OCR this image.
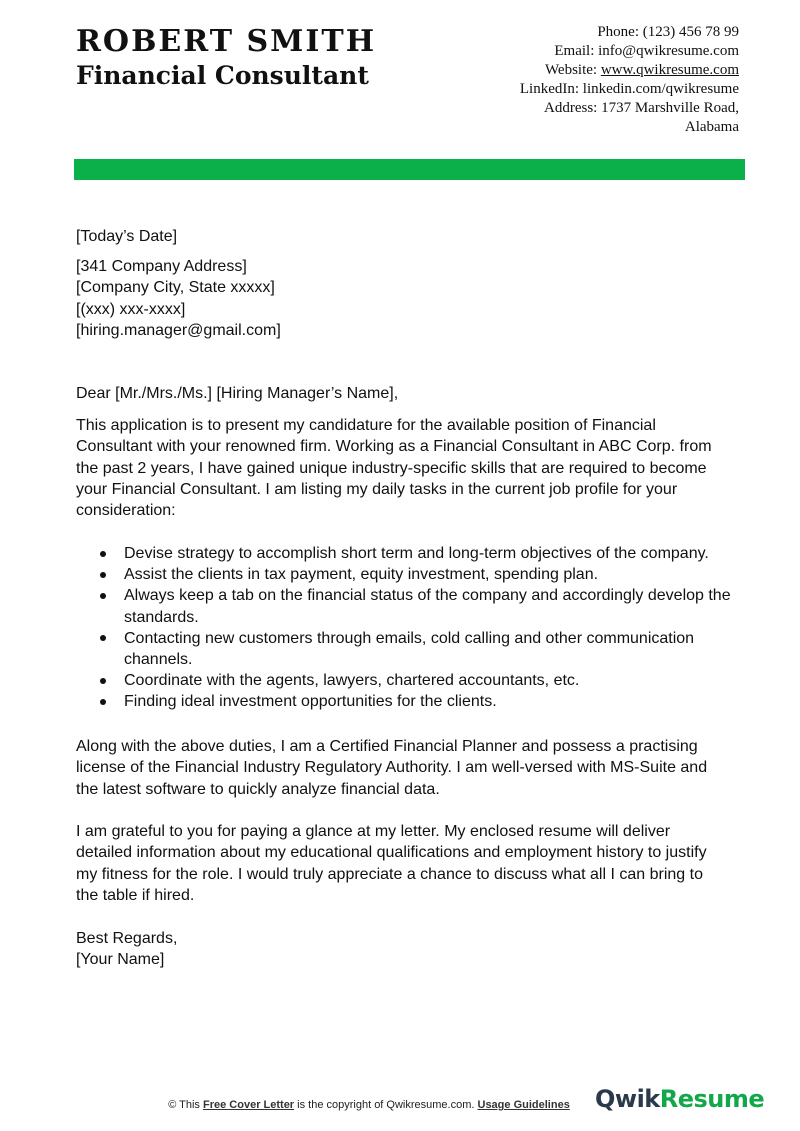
ROBERT SMITH
Financial Consultant
Phone: (123) 456 78 99
Email: info@qwikresume.com
Website: www.qwikresume.com
LinkedIn: linkedin.com/qwikresume
Address: 1737 Marshville Road,
Alabama

[Today’s Date]

[341 Company Address]

[Company City, State xxxxx]

[(xxx) xxx-xxxx]

[hiring.manager@gmail.com]

Dear [Mr./Mrs./Ms.] [Hiring Manager’s Name],

This application is to present my candidature for the available position of Financial Consultant with your renowned firm. Working as a Financial Consultant in ABC Corp. from the past 2 years, I have gained unique industry-specific skills that are required to become your Financial Consultant. I am listing my daily tasks in the current job profile for your consideration:

Devise strategy to accomplish short term and long-term objectives of the company.
Assist the clients in tax payment, equity investment, spending plan.
Always keep a tab on the financial status of the company and accordingly develop the standards.
Contacting new customers through emails, cold calling and other communication channels.
Coordinate with the agents, lawyers, chartered accountants, etc.
Finding ideal investment opportunities for the clients.

Along with the above duties, I am a Certified Financial Planner and possess a practising license of the Financial Industry Regulatory Authority. I am well-versed with MS-Suite and the latest software to quickly analyze financial data.

I am grateful to you for paying a glance at my letter. My enclosed resume will deliver detailed information about my educational qualifications and employment history to justify my fitness for the role. I would truly appreciate a chance to discuss what all I can bring to the table if hired.

Best Regards,

[Your Name]

© This Free Cover Letter is the copyright of Qwikresume.com. Usage Guidelines	QwikResume
